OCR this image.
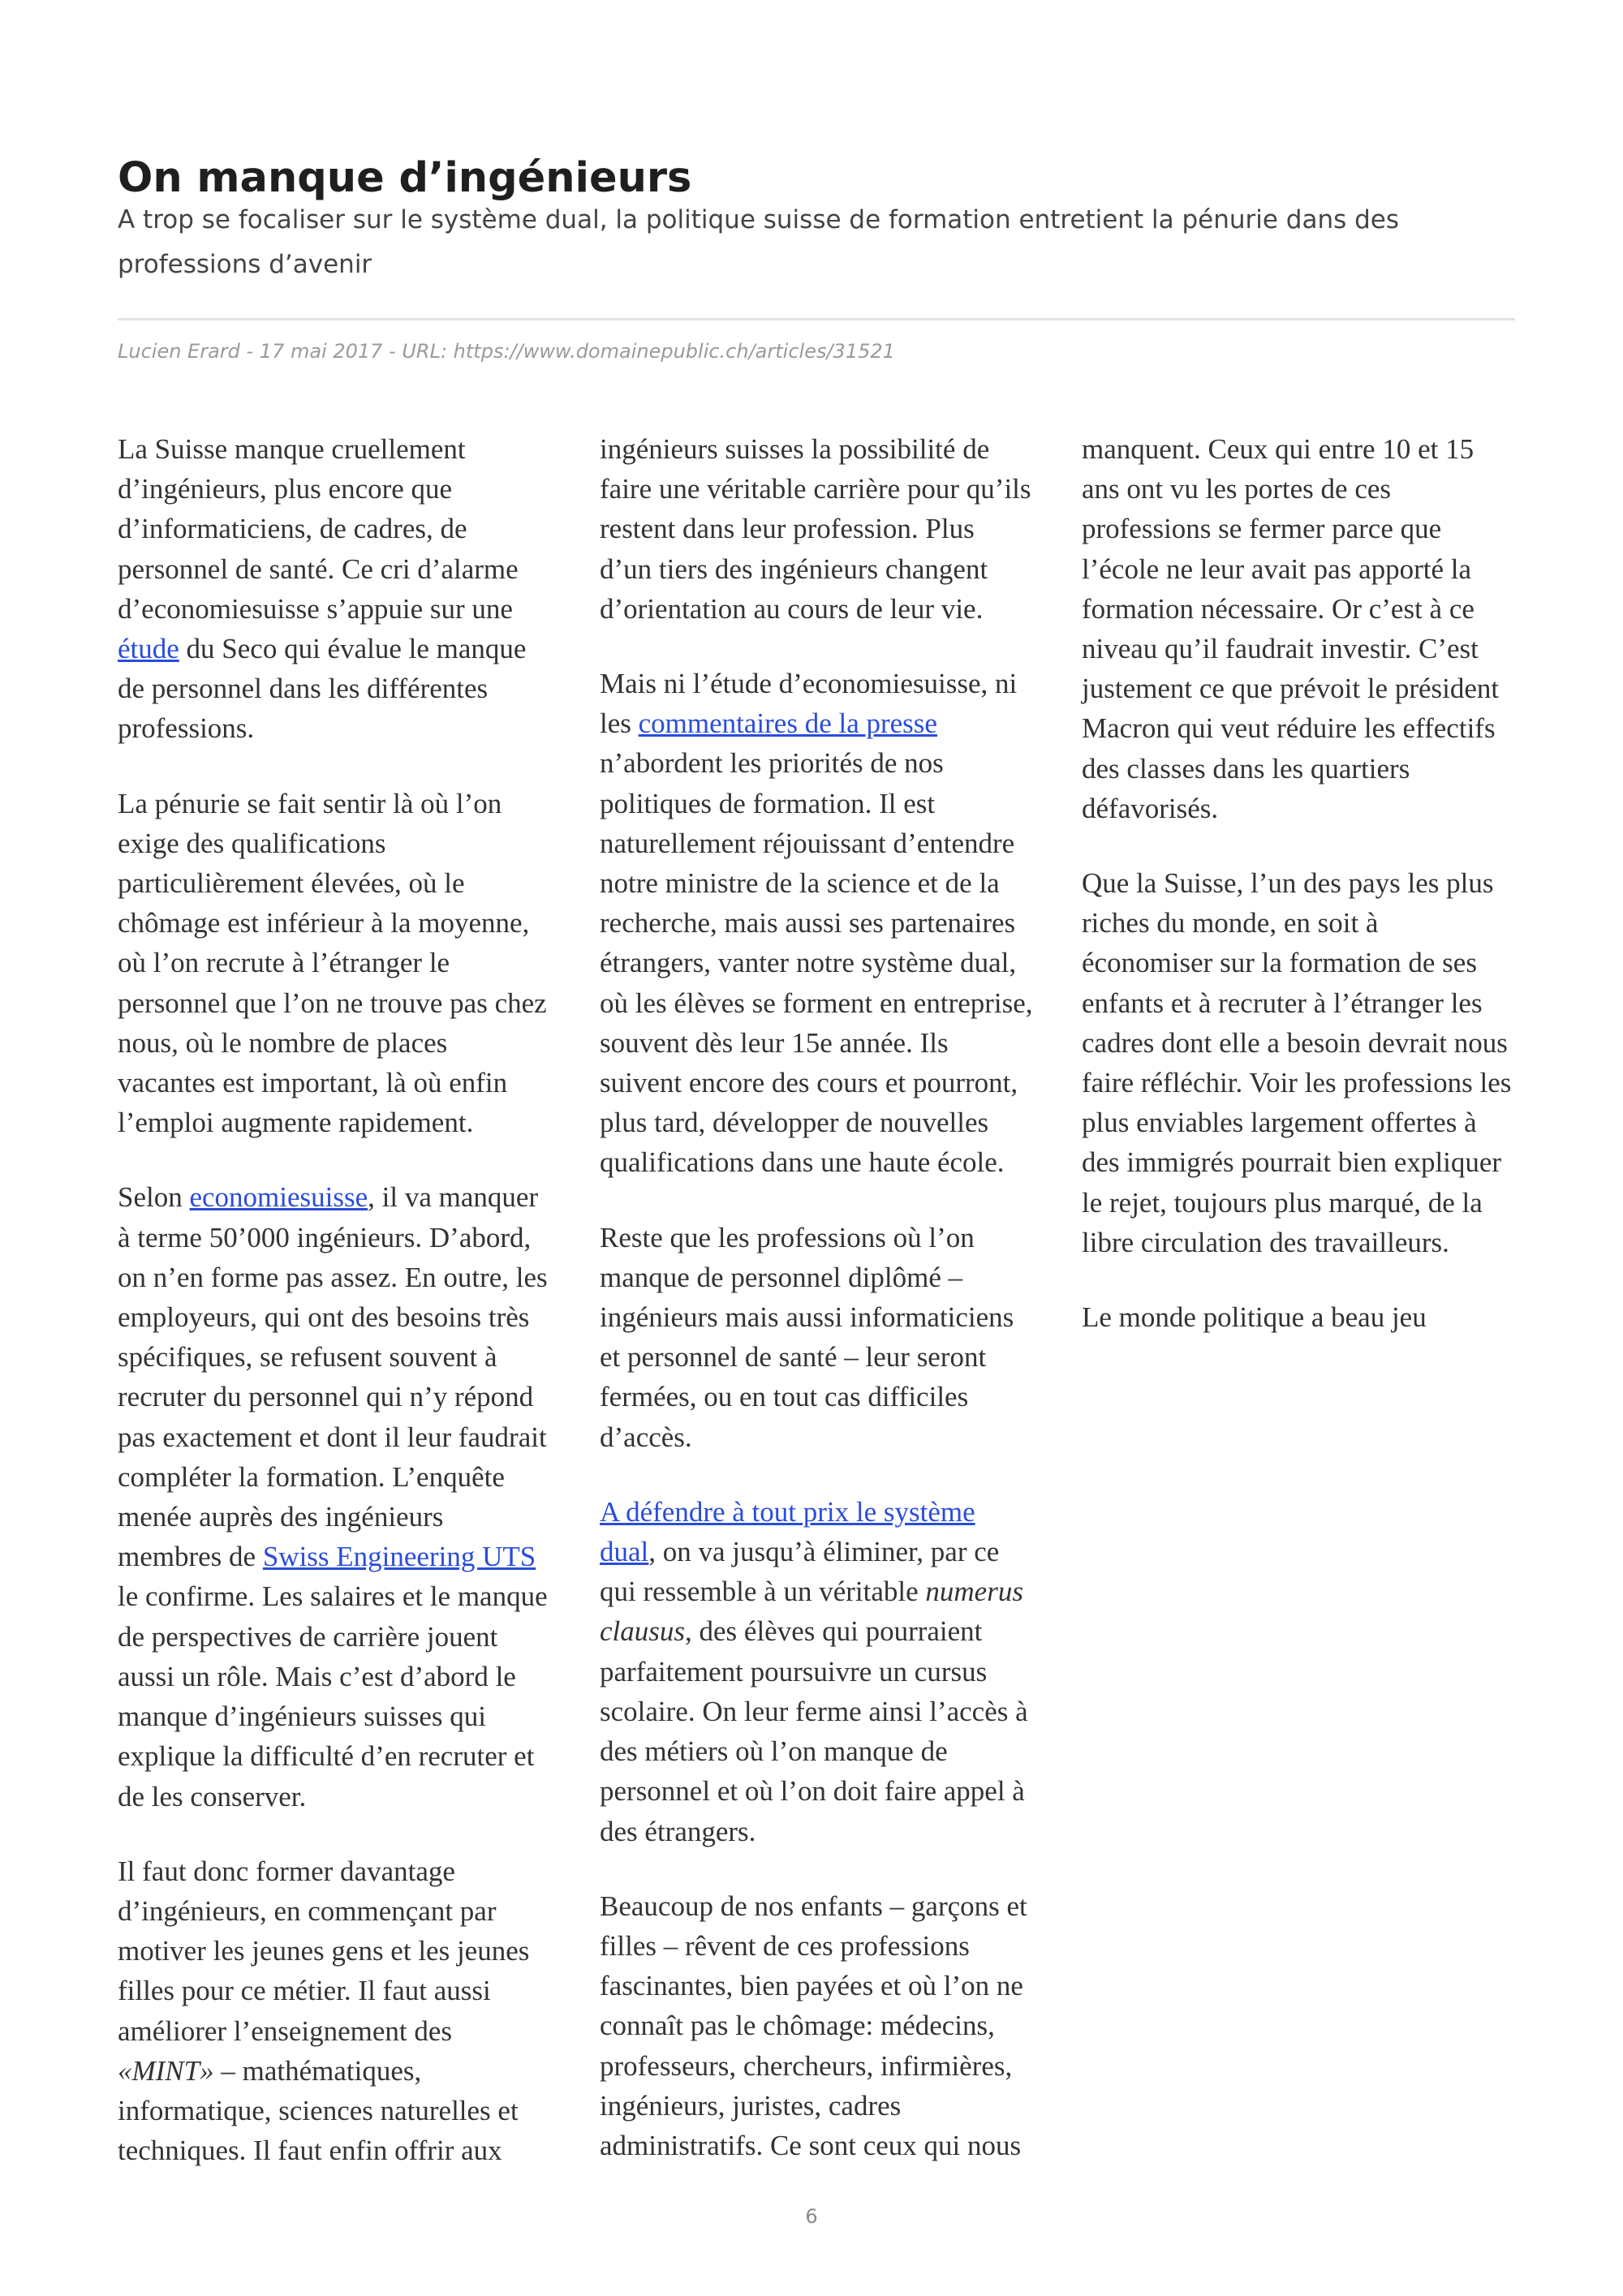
On manque d’ingénieurs
A trop se focaliser sur le système dual, la politique suisse de formation entretient la pénurie dans des professions d’avenir
Lucien Erard - 17 mai 2017 - URL: https://www.domainepublic.ch/articles/31521

La Suisse manque cruellement d’ingénieurs, plus encore que d’informaticiens, de cadres, de personnel de santé. Ce cri d’alarme d’economiesuisse s’appuie sur une étude du Seco qui évalue le manque de personnel dans les différentes professions.

La pénurie se fait sentir là où l’on exige des qualifications particulièrement élevées, où le chômage est inférieur à la moyenne, où l’on recrute à l’étranger le personnel que l’on ne trouve pas chez nous, où le nombre de places vacantes est important, là où enfin l’emploi augmente rapidement.

Selon economiesuisse, il va manquer à terme 50’000 ingénieurs. D’abord, on n’en forme pas assez. En outre, les employeurs, qui ont des besoins très spécifiques, se refusent souvent à recruter du personnel qui n’y répond pas exactement et dont il leur faudrait compléter la formation. L’enquête menée auprès des ingénieurs membres de Swiss Engineering UTS le confirme. Les salaires et le manque de perspectives de carrière jouent aussi un rôle. Mais c’est d’abord le manque d’ingénieurs suisses qui explique la difficulté d’en recruter et de les conserver.

Il faut donc former davantage d’ingénieurs, en commençant par motiver les jeunes gens et les jeunes filles pour ce métier. Il faut aussi améliorer l’enseignement des «MINT» – mathématiques, informatique, sciences naturelles et techniques. Il faut enfin offrir aux ingénieurs suisses la possibilité de faire une véritable carrière pour qu’ils restent dans leur profession. Plus d’un tiers des ingénieurs changent d’orientation au cours de leur vie.

Mais ni l’étude d’economiesuisse, ni les commentaires de la presse n’abordent les priorités de nos politiques de formation. Il est naturellement réjouissant d’entendre notre ministre de la science et de la recherche, mais aussi ses partenaires étrangers, vanter notre système dual, où les élèves se forment en entreprise, souvent dès leur 15e année. Ils suivent encore des cours et pourront, plus tard, développer de nouvelles qualifications dans une haute école.

Reste que les professions où l’on manque de personnel diplômé – ingénieurs mais aussi informaticiens et personnel de santé – leur seront fermées, ou en tout cas difficiles d’accès.

A défendre à tout prix le système dual, on va jusqu’à éliminer, par ce qui ressemble à un véritable numerus clausus, des élèves qui pourraient parfaitement poursuivre un cursus scolaire. On leur ferme ainsi l’accès à des métiers où l’on manque de personnel et où l’on doit faire appel à des étrangers.

Beaucoup de nos enfants – garçons et filles – rêvent de ces professions fascinantes, bien payées et où l’on ne connaît pas le chômage: médecins, professeurs, chercheurs, infirmières, ingénieurs, juristes, cadres administratifs. Ce sont ceux qui nous manquent. Ceux qui entre 10 et 15 ans ont vu les portes de ces professions se fermer parce que l’école ne leur avait pas apporté la formation nécessaire. Or c’est à ce niveau qu’il faudrait investir. C’est justement ce que prévoit le président Macron qui veut réduire les effectifs des classes dans les quartiers défavorisés.

Que la Suisse, l’un des pays les plus riches du monde, en soit à économiser sur la formation de ses enfants et à recruter à l’étranger les cadres dont elle a besoin devrait nous faire réfléchir. Voir les professions les plus enviables largement offertes à des immigrés pourrait bien expliquer le rejet, toujours plus marqué, de la libre circulation des travailleurs.

Le monde politique a beau jeu

6
